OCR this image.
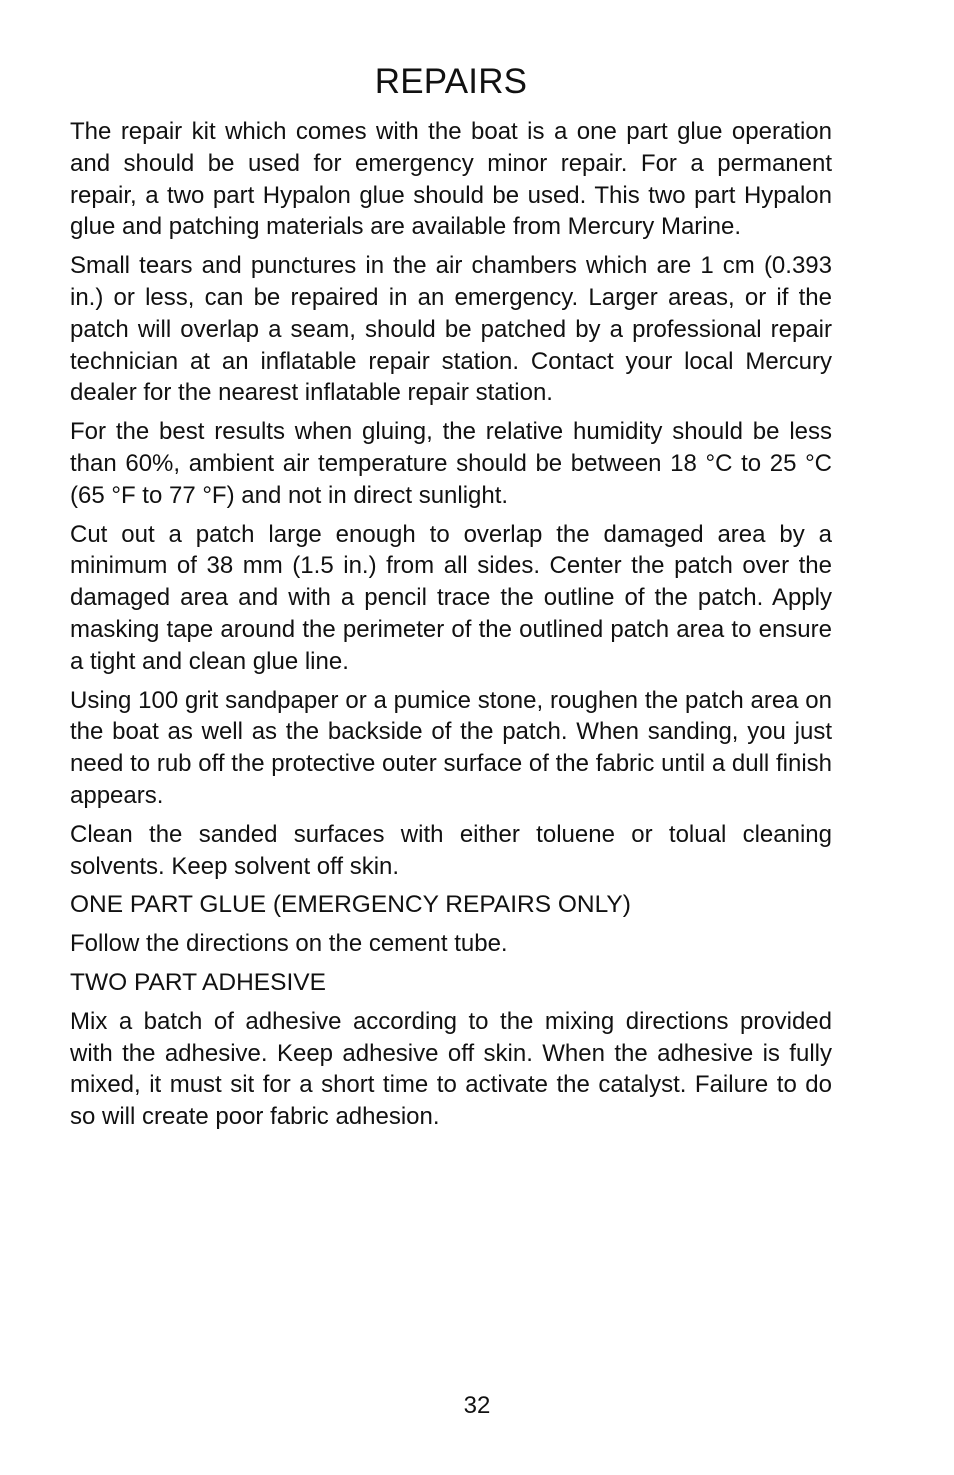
REPAIRS

The repair kit which comes with the boat is a one part glue operation and should be used for emergency minor repair. For a permanent repair, a two part Hypalon glue should be used. This two part Hypalon glue and patching materials are available from Mercury Marine.

Small tears and punctures in the air chambers which are 1 cm (0.393 in.) or less, can be repaired in an emergency. Larger areas, or if the patch will overlap a seam, should be patched by a professional repair technician at an inflatable repair station. Contact your local Mercury dealer for the nearest inflatable repair station.

For the best results when gluing, the relative humidity should be less than 60%, ambient air temperature should be between 18 °C to 25 °C (65 °F to 77 °F) and not in direct sunlight.

Cut out a patch large enough to overlap the damaged area by a minimum of 38 mm (1.5 in.) from all sides. Center the patch over the damaged area and with a pencil trace the outline of the patch. Apply masking tape around the perimeter of the outlined patch area to ensure a tight and clean glue line.

Using 100 grit sandpaper or a pumice stone, roughen the patch area on the boat as well as the backside of the patch. When sanding, you just need to rub off the protective outer surface of the fabric until a dull finish appears.

Clean the sanded surfaces with either toluene or tolual cleaning solvents. Keep solvent off skin.

ONE PART GLUE (EMERGENCY REPAIRS ONLY)

Follow the directions on the cement tube.

TWO PART ADHESIVE

Mix a batch of adhesive according to the mixing directions provided with the adhesive. Keep adhesive off skin. When the adhesive is fully mixed, it must sit for a short time to activate the catalyst. Failure to do so will create poor fabric adhesion.

32
